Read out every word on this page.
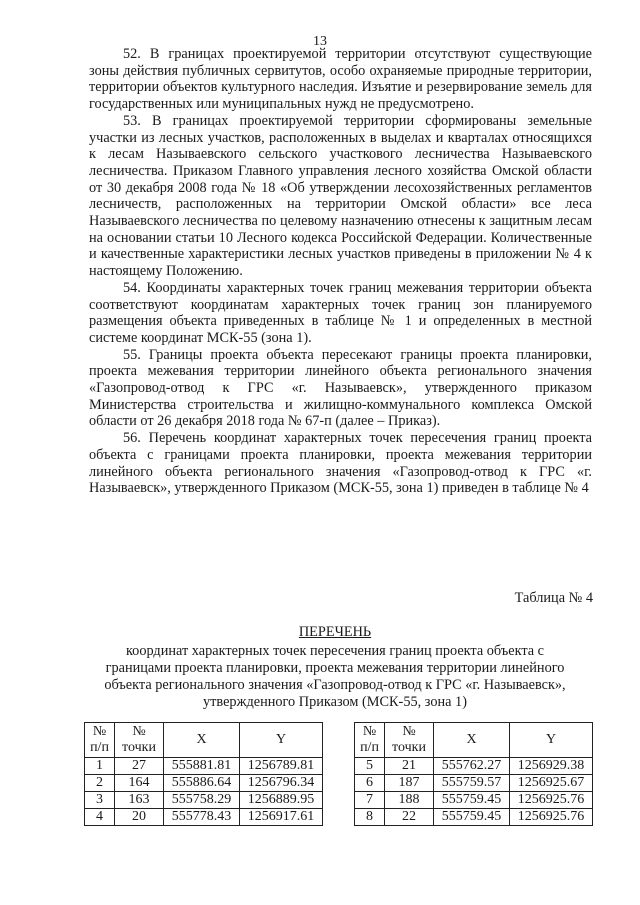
13

52. В границах проектируемой территории отсутствуют существующие зоны действия публичных сервитутов, особо охраняемые природные территории, территории объектов культурного наследия. Изъятие и резервирование земель для государственных или муниципальных нужд не предусмотрено.

53. В границах проектируемой территории сформированы земельные участки из лесных участков, расположенных в выделах и кварталах относящихся к лесам Называевского сельского участкового лесничества Называевского лесничества. Приказом Главного управления лесного хозяйства Омской области от 30 декабря 2008 года № 18 «Об утверждении лесохозяйственных регламентов лесничеств, расположенных на территории Омской области» все леса Называевского лесничества по целевому назначению отнесены к защитным лесам на основании статьи 10 Лесного кодекса Российской Федерации. Количественные и качественные характеристики лесных участков приведены в приложении № 4 к настоящему Положению.

54. Координаты характерных точек границ межевания территории объекта соответствуют координатам характерных точек границ зон планируемого размещения объекта приведенных в таблице № 1 и определенных в местной системе координат МСК-55 (зона 1).

55. Границы проекта объекта пересекают границы проекта планировки, проекта межевания территории линейного объекта регионального значения «Газопровод-отвод к ГРС «г. Называевск», утвержденного приказом Министерства строительства и жилищно-коммунального комплекса Омской области от 26 декабря 2018 года № 67-п (далее – Приказ).

56. Перечень координат характерных точек пересечения границ проекта объекта с границами проекта планировки, проекта межевания территории линейного объекта регионального значения «Газопровод-отвод к ГРС «г. Называевск», утвержденного Приказом (МСК-55, зона 1) приведен в таблице № 4

Таблица № 4
ПЕРЕЧЕНЬ
координат характерных точек пересечения границ проекта объекта с границами проекта планировки, проекта межевания территории линейного объекта регионального значения «Газопровод-отвод к ГРС «г. Называевск», утвержденного Приказом (МСК-55, зона 1)
№ п/п	№ точки	X	Y
1	27	555881.81	1256789.81
2	164	555886.64	1256796.34
3	163	555758.29	1256889.95
4	20	555778.43	1256917.61
№ п/п	№ точки	X	Y
5	21	555762.27	1256929.38
6	187	555759.57	1256925.67
7	188	555759.45	1256925.76
8	22	555759.45	1256925.76
